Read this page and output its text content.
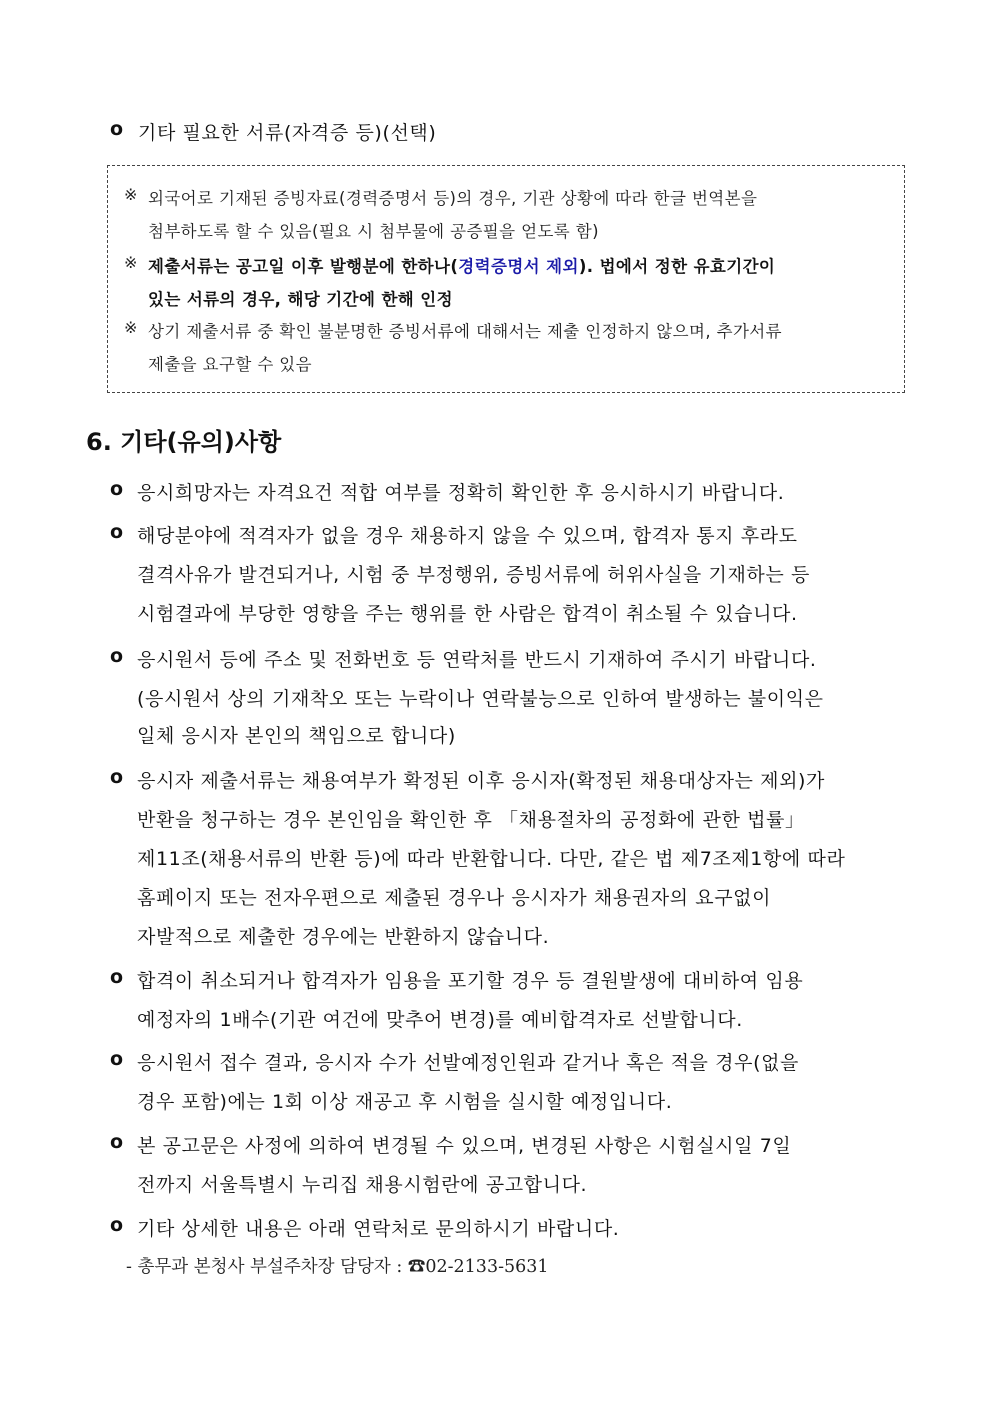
o 기타 필요한 서류(자격증 등)(선택)
※ 외국어로 기재된 증빙자료(경력증명서 등)의 경우, 기관 상황에 따라 한글 번역본을
첨부하도록 할 수 있음(필요 시 첨부물에 공증필을 얻도록 함)
※ 제출서류는 공고일 이후 발행분에 한하나(경력증명서 제외). 법에서 정한 유효기간이
있는 서류의 경우, 해당 기간에 한해 인정
※ 상기 제출서류 중 확인 불분명한 증빙서류에 대해서는 제출 인정하지 않으며, 추가서류
제출을 요구할 수 있음
6. 기타(유의)사항
o 응시희망자는 자격요건 적합 여부를 정확히 확인한 후 응시하시기 바랍니다.
o 해당분야에 적격자가 없을 경우 채용하지 않을 수 있으며, 합격자 통지 후라도
결격사유가 발견되거나, 시험 중 부정행위, 증빙서류에 허위사실을 기재하는 등
시험결과에 부당한 영향을 주는 행위를 한 사람은 합격이 취소될 수 있습니다.
o 응시원서 등에 주소 및 전화번호 등 연락처를 반드시 기재하여 주시기 바랍니다.
(응시원서 상의 기재착오 또는 누락이나 연락불능으로 인하여 발생하는 불이익은
일체 응시자 본인의 책임으로 합니다)
o 응시자 제출서류는 채용여부가 확정된 이후 응시자(확정된 채용대상자는 제외)가
반환을 청구하는 경우 본인임을 확인한 후 「채용절차의 공정화에 관한 법률」
제11조(채용서류의 반환 등)에 따라 반환합니다. 다만, 같은 법 제7조제1항에 따라
홈페이지 또는 전자우편으로 제출된 경우나 응시자가 채용권자의 요구없이
자발적으로 제출한 경우에는 반환하지 않습니다.
o 합격이 취소되거나 합격자가 임용을 포기할 경우 등 결원발생에 대비하여 임용
예정자의 1배수(기관 여건에 맞추어 변경)를 예비합격자로 선발합니다.
o 응시원서 접수 결과, 응시자 수가 선발예정인원과 같거나 혹은 적을 경우(없을
경우 포함)에는 1회 이상 재공고 후 시험을 실시할 예정입니다.
o 본 공고문은 사정에 의하여 변경될 수 있으며, 변경된 사항은 시험실시일 7일
전까지 서울특별시 누리집 채용시험란에 공고합니다.
o 기타 상세한 내용은 아래 연락처로 문의하시기 바랍니다.
- 총무과 본청사 부설주차장 담당자 : ☎02-2133-5631
